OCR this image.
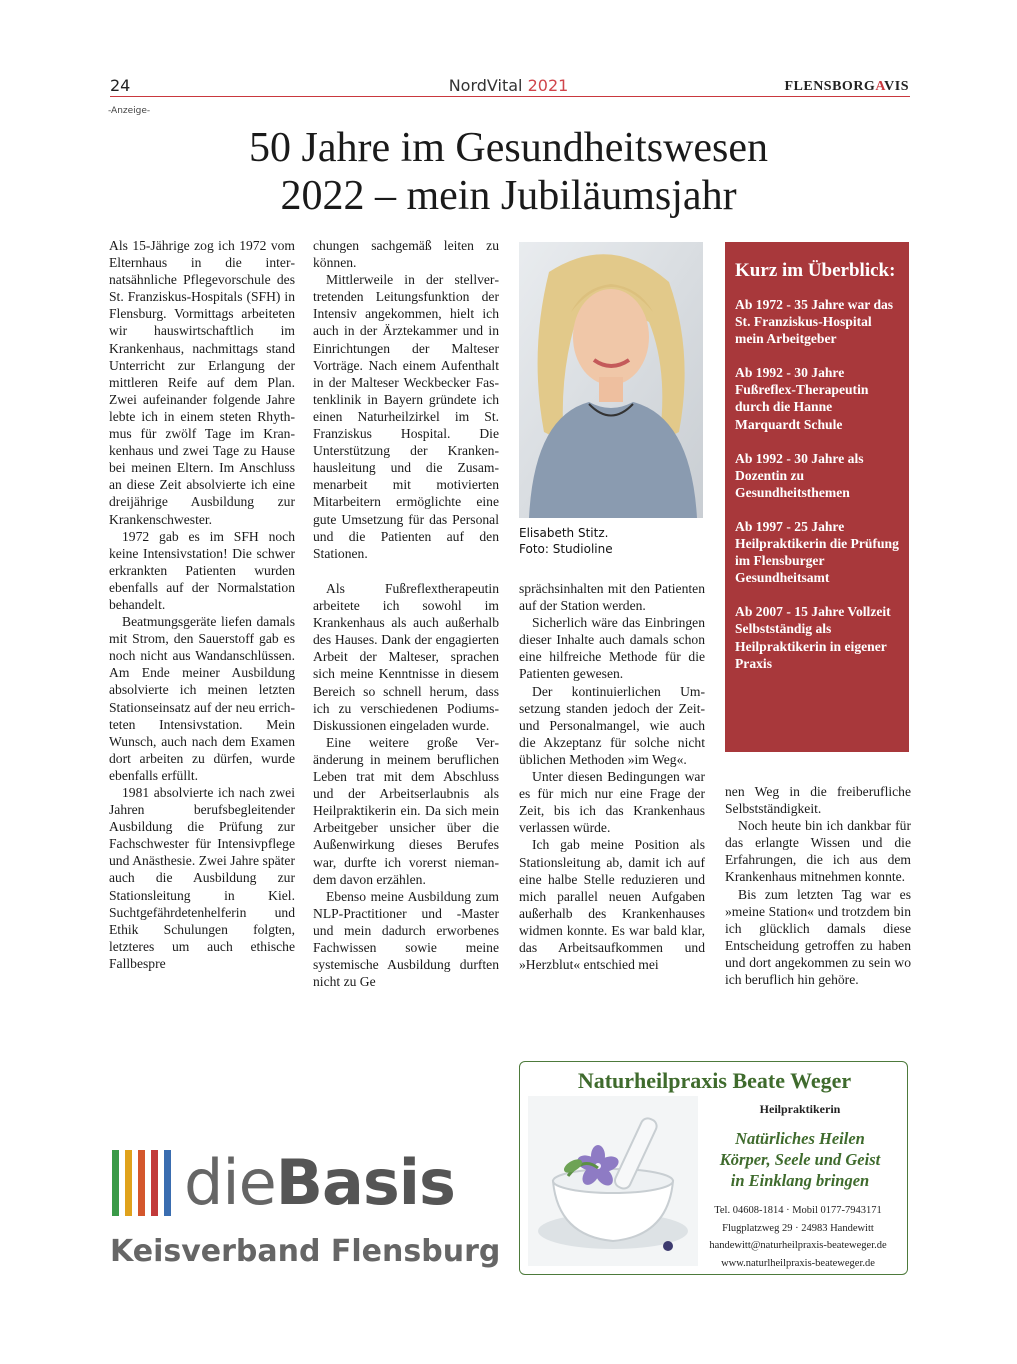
24	NordVital 2021	FLENSBORGAVIS
-Anzeige-
50 Jahre im Gesundheitswesen
2022 – mein Jubiläumsjahr

Als 15-Jährige zog ich 1972 vom Elternhaus in die internatsähnliche Pflegevorschule des St. Franziskus-Hospitals (SFH) in Flensburg. Vormittags arbeiteten wir hauswirtschaftlich im Krankenhaus, nachmittags stand Unterricht zur Erlangung der mittleren Reife auf dem Plan. Zwei aufeinander folgende Jahre lebte ich in einem steten Rhythmus für zwölf Tage im Krankenhaus und zwei Tage zu Hause bei meinen Eltern. Im Anschluss an diese Zeit absolvierte ich eine dreijährige Ausbildung zur Krankenschwester.

1972 gab es im SFH noch keine Intensivstation! Die schwer erkrankten Patienten wurden ebenfalls auf der Normalstation behandelt.

Beatmungsgeräte liefen damals mit Strom, den Sauerstoff gab es noch nicht aus Wandanschlüssen. Am Ende meiner Ausbildung absolvierte ich meinen letzten Stationseinsatz auf der neu errichteten Intensivstation. Mein Wunsch, auch nach dem Examen dort arbeiten zu dürfen, wurde ebenfalls erfüllt.

1981 absolvierte ich nach zwei Jahren berufsbegleitender Ausbildung die Prüfung zur Fachschwester für Intensivpflege und Anästhesie. Zwei Jahre später auch die Ausbildung zur Stationsleitung in Kiel. Suchtgefährdetenhelferin und Ethik Schulungen folgten, letzteres um auch ethische Fallbespre

chungen sachgemäß leiten zu können.

Mittlerweile in der stellvertretenden Leitungsfunktion der Intensiv angekommen, hielt ich auch in der Ärztekammer und in Einrichtungen der Malteser Vorträge. Nach einem Aufenthalt in der Malteser Weckbecker Fastenklinik in Bayern gründete ich einen Naturheilzirkel im St. Franziskus Hospital. Die Unterstützung der Krankenhausleitung und die Zusammenarbeit mit motivierten Mitarbeitern ermöglichte eine gute Umsetzung für das Personal und die Patienten auf den Stationen.

Als Fußreflextherapeutin arbeitete ich sowohl im Krankenhaus als auch außerhalb des Hauses. Dank der engagierten Arbeit der Malteser, sprachen sich meine Kenntnisse in diesem Bereich so schnell herum, dass ich zu verschiedenen Podiums-Diskussionen eingeladen wurde.

Eine weitere große Veränderung in meinem beruflichen Leben trat mit dem Abschluss und der Arbeitserlaubnis als Heilpraktikerin ein. Da sich mein Arbeitgeber unsicher über die Außenwirkung dieses Berufes war, durfte ich vorerst niemandem davon erzählen.

Ebenso meine Ausbildung zum NLP-Practitioner und -Master und mein dadurch erworbenes Fachwissen sowie meine systemische Ausbildung durften nicht zu Ge

Elisabeth Stitz.
Foto: Studioline
Kurz im Überblick:
Ab 1972 - 35 Jahre war das St. Franziskus-Hospital mein Arbeitgeber
Ab 1992 - 30 Jahre Fußreflex-Therapeutin durch die Hanne Marquardt Schule
Ab 1992 - 30 Jahre als Dozentin zu Gesundheitsthemen
Ab 1997 - 25 Jahre Heilpraktikerin die Prüfung im Flensburger Gesundheitsamt
Ab 2007 - 15 Jahre Vollzeit Selbstständig als Heilpraktikerin in eigener Praxis

sprächsinhalten mit den Patienten auf der Station werden.

Sicherlich wäre das Einbringen dieser Inhalte auch damals schon eine hilfreiche Methode für die Patienten gewesen.

Der kontinuierlichen Umsetzung standen jedoch der Zeit- und Personalmangel, wie auch die Akzeptanz für solche nicht üblichen Methoden »im Weg«.

Unter diesen Bedingungen war es für mich nur eine Frage der Zeit, bis ich das Krankenhaus verlassen würde.

Ich gab meine Position als Stationsleitung ab, damit ich auf eine halbe Stelle reduzieren und mich parallel neuen Aufgaben außerhalb des Krankenhauses widmen konnte. Es war bald klar, das Arbeitsaufkommen und »Herzblut« entschied mei

nen Weg in die freiberufliche Selbstständigkeit.

Noch heute bin ich dankbar für das erlangte Wissen und die Erfahrungen, die ich aus dem Krankenhaus mitnehmen konnte.

Bis zum letzten Tag war es »meine Station« und trotzdem bin ich glücklich damals diese Entscheidung getroffen zu haben und dort angekommen zu sein wo ich beruflich hin gehöre.

dieBasis
Keisverband Flensburg
Naturheilpraxis Beate Weger
Heilpraktikerin
Natürliches Heilen
Körper, Seele und Geist
in Einklang bringen
Tel. 04608-1814 · Mobil 0177-7943171
Flugplatzweg 29 · 24983 Handewitt
handewitt@naturheilpraxis-beateweger.de
www.naturlheilpraxis-beateweger.de
